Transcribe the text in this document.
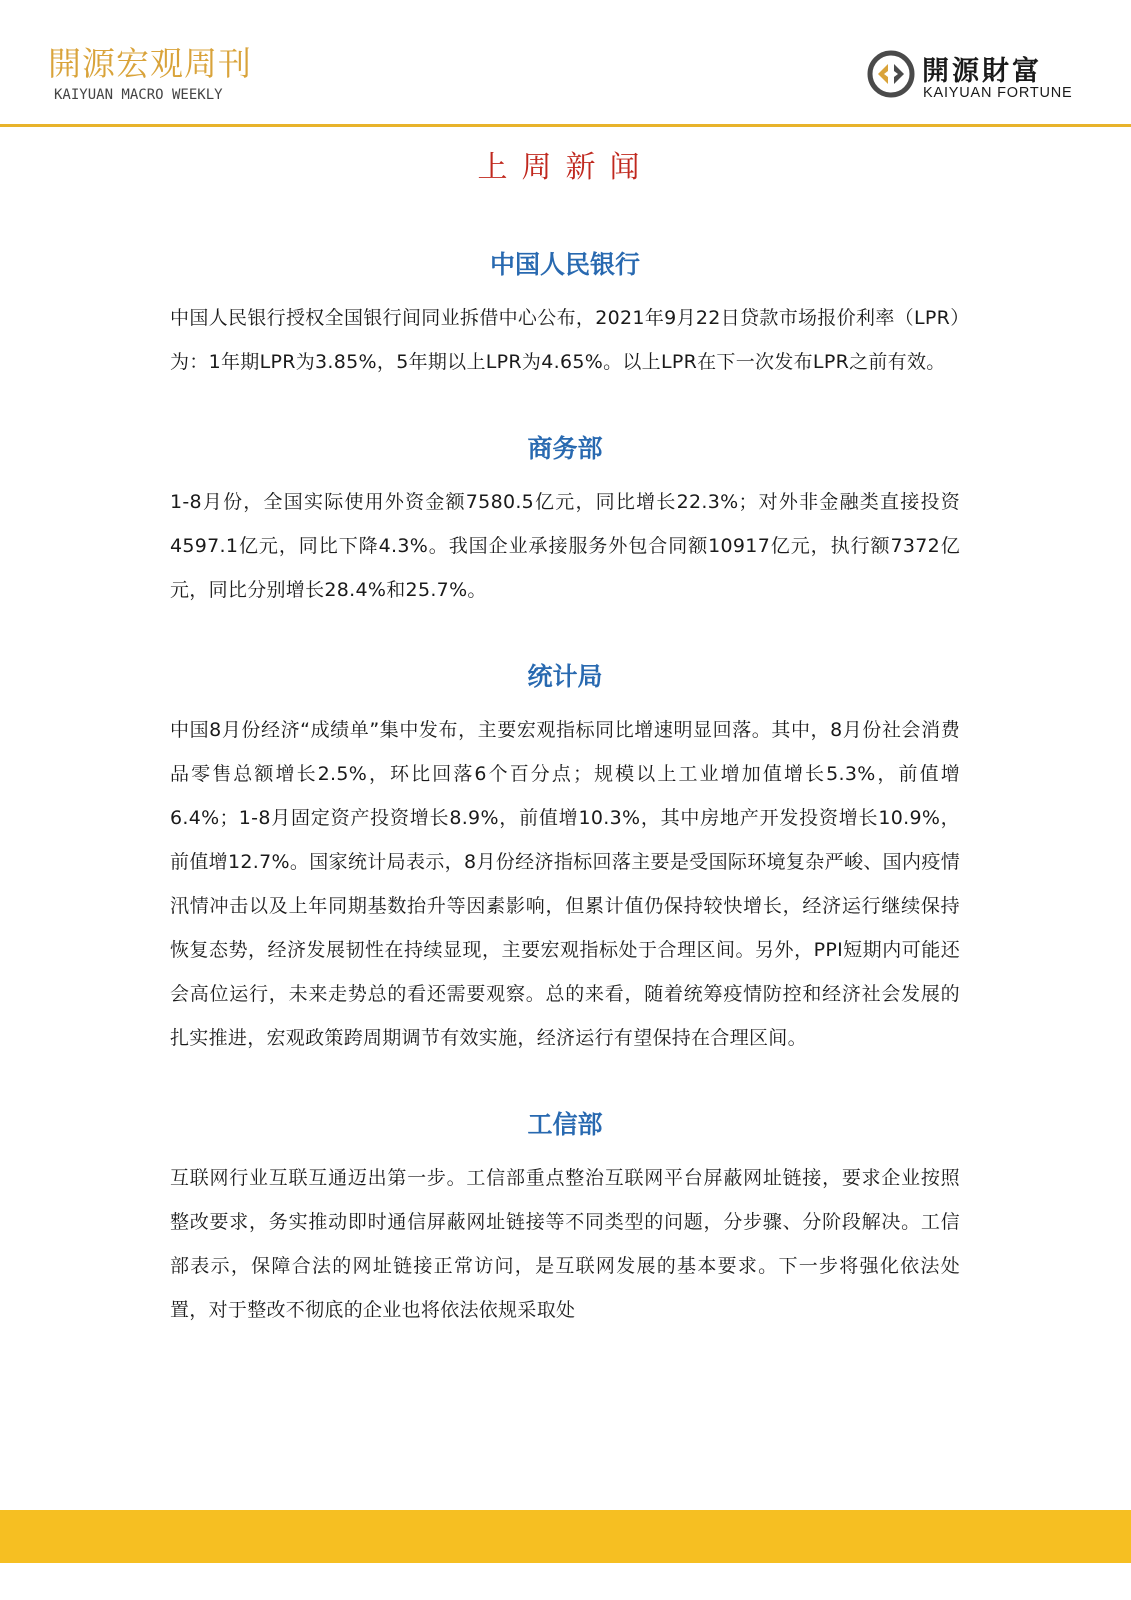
開源宏观周刊
KAIYUAN MACRO WEEKLY
開源財富
KAIYUAN FORTUNE
上周新闻
中国人民银行

中国人民银行授权全国银行间同业拆借中心公布，2021年9月22日贷款市场报价利率（LPR）为：1年期LPR为3.85%，5年期以上LPR为4.65%。以上LPR在下一次发布LPR之前有效。

商务部

1-8月份，全国实际使用外资金额7580.5亿元，同比增长22.3%；对外非金融类直接投资4597.1亿元，同比下降4.3%。我国企业承接服务外包合同额10917亿元，执行额7372亿元，同比分别增长28.4%和25.7%。

统计局

中国8月份经济“成绩单”集中发布，主要宏观指标同比增速明显回落。其中，8月份社会消费品零售总额增长2.5%，环比回落6个百分点；规模以上工业增加值增长5.3%，前值增6.4%；1-8月固定资产投资增长8.9%，前值增10.3%，其中房地产开发投资增长10.9%，前值增12.7%。国家统计局表示，8月份经济指标回落主要是受国际环境复杂严峻、国内疫情汛情冲击以及上年同期基数抬升等因素影响，但累计值仍保持较快增长，经济运行继续保持恢复态势，经济发展韧性在持续显现，主要宏观指标处于合理区间。另外，PPI短期内可能还会高位运行，未来走势总的看还需要观察。总的来看，随着统筹疫情防控和经济社会发展的扎实推进，宏观政策跨周期调节有效实施，经济运行有望保持在合理区间。

工信部

互联网行业互联互通迈出第一步。工信部重点整治互联网平台屏蔽网址链接，要求企业按照整改要求，务实推动即时通信屏蔽网址链接等不同类型的问题，分步骤、分阶段解决。工信部表示，保障合法的网址链接正常访问，是互联网发展的基本要求。下一步将强化依法处置，对于整改不彻底的企业也将依法依规采取处
